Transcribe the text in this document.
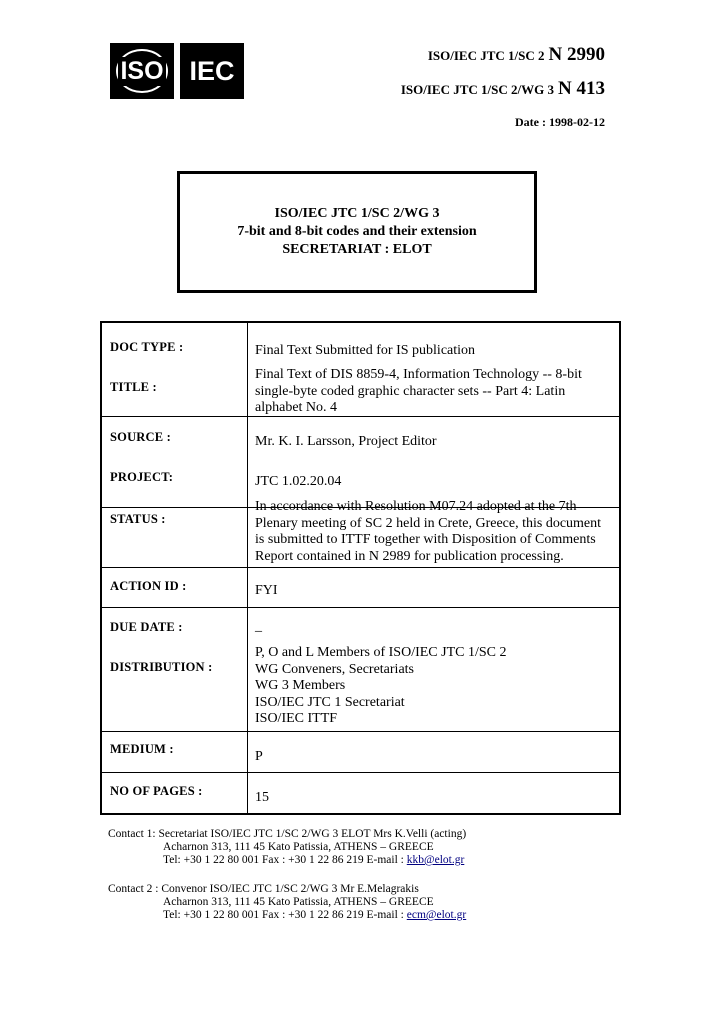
ISO IEC	ISO/IEC JTC 1/SC 2 N 2990
ISO/IEC JTC 1/SC 2/WG 3 N 413
Date : 1998-02-12
ISO/IEC JTC 1/SC 2/WG 3
7-bit and 8-bit codes and their extension
SECRETARIAT : ELOT
DOC TYPE :	Final Text Submitted for IS publication
TITLE :
Final Text of DIS 8859-4, Information Technology -- 8-bit single-byte coded graphic character sets -- Part 4: Latin alphabet No. 4
SOURCE :	Mr. K. I. Larsson, Project Editor
PROJECT:	JTC 1.02.20.04
STATUS :
In accordance with Resolution M07.24 adopted at the 7th Plenary meeting of SC 2 held in Crete, Greece, this document is submitted to ITTF together with Disposition of Comments Report contained in N 2989 for publication processing.
ACTION ID :	FYI
DUE DATE :	_
DISTRIBUTION :
P, O and L Members of ISO/IEC JTC 1/SC 2
WG Conveners, Secretariats
WG 3 Members
ISO/IEC JTC 1 Secretariat
ISO/IEC ITTF
MEDIUM :	P
NO OF PAGES :	15
Contact 1: Secretariat ISO/IEC JTC 1/SC 2/WG 3 ELOT Mrs K.Velli (acting)
Acharnon 313, 111 45 Kato Patissia, ATHENS – GREECE
Tel: +30 1 22 80 001 Fax : +30 1 22 86 219 E-mail : kkb@elot.gr
Contact 2 : Convenor ISO/IEC JTC 1/SC 2/WG 3 Mr E.Melagrakis
Acharnon 313, 111 45 Kato Patissia, ATHENS – GREECE
Tel: +30 1 22 80 001 Fax : +30 1 22 86 219 E-mail : ecm@elot.gr
